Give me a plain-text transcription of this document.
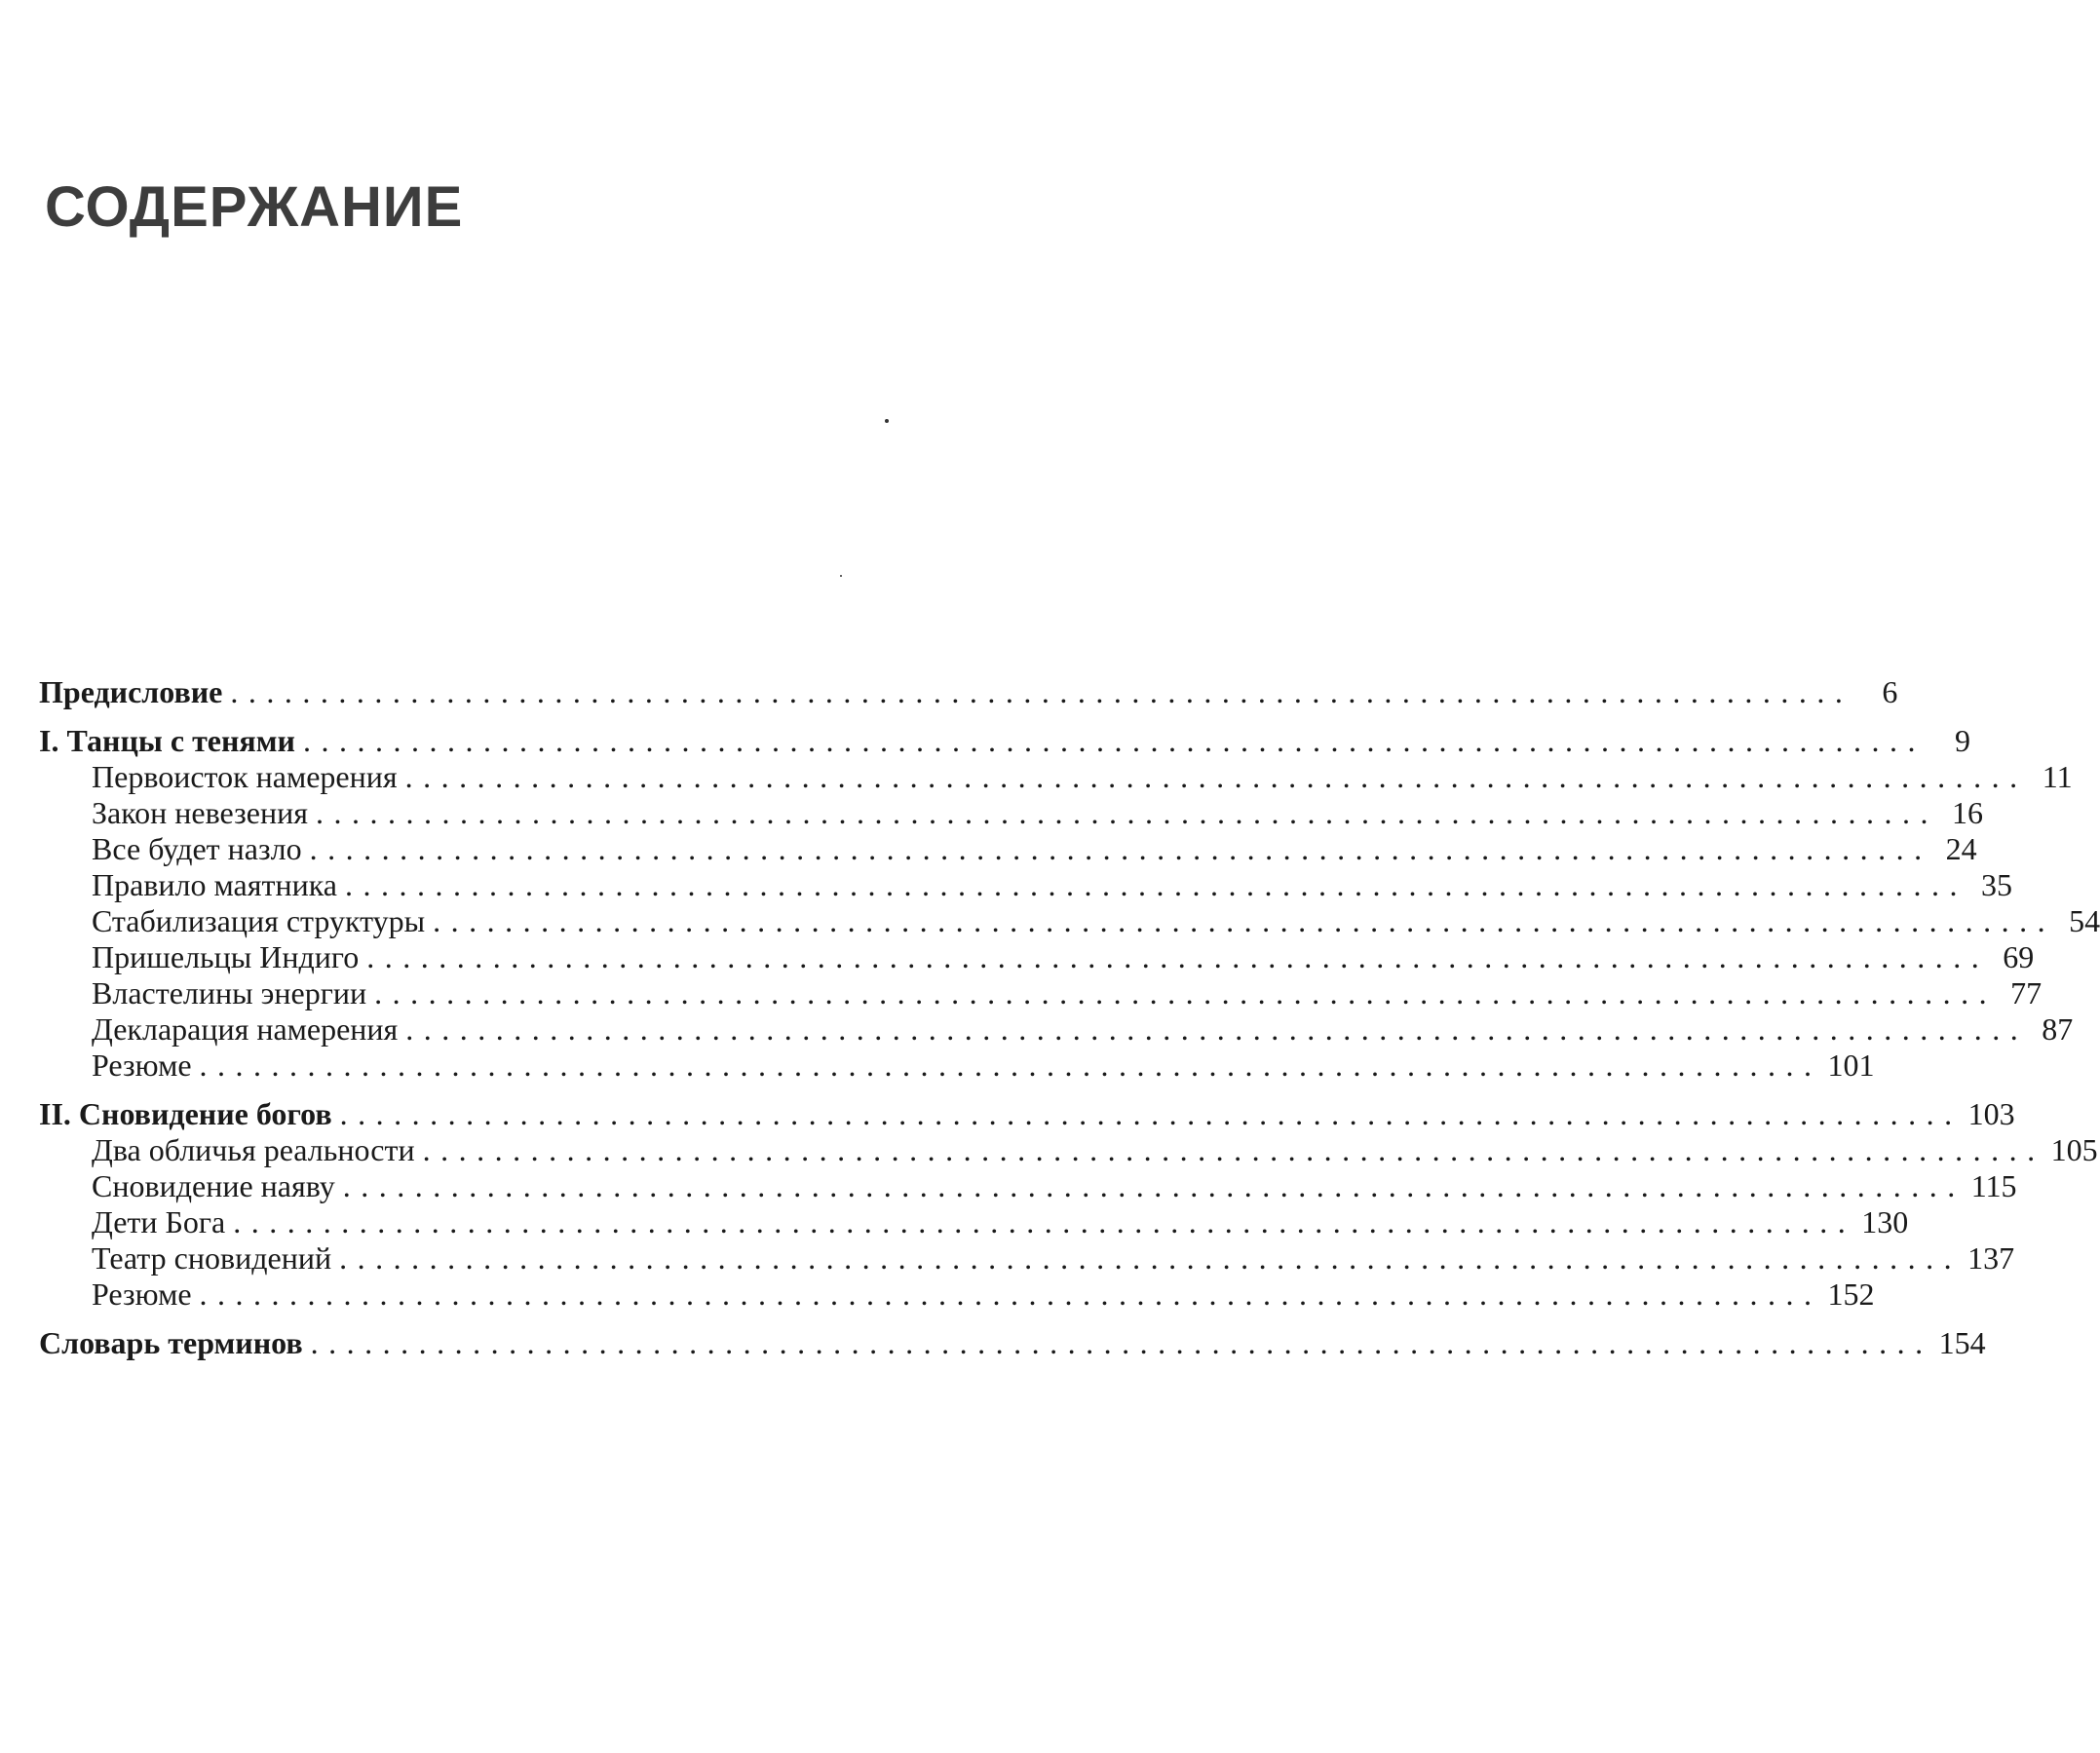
СОДЕРЖАНИЕ
Предисловие .......................................................................................... 6
I. Танцы с тенями .......................................................................................... 9
Первоисток намерения .......................................................................................... 11
Закон невезения .......................................................................................... 16
Все будет назло .......................................................................................... 24
Правило маятника .......................................................................................... 35
Стабилизация структуры .......................................................................................... 54
Пришельцы Индиго .......................................................................................... 69
Властелины энергии .......................................................................................... 77
Декларация намерения .......................................................................................... 87
Резюме .......................................................................................... 101
II. Сновидение богов .......................................................................................... 103
Два обличья реальности .......................................................................................... 105
Сновидение наяву .......................................................................................... 115
Дети Бога .......................................................................................... 130
Театр сновидений .......................................................................................... 137
Резюме .......................................................................................... 152
Словарь терминов .......................................................................................... 154
